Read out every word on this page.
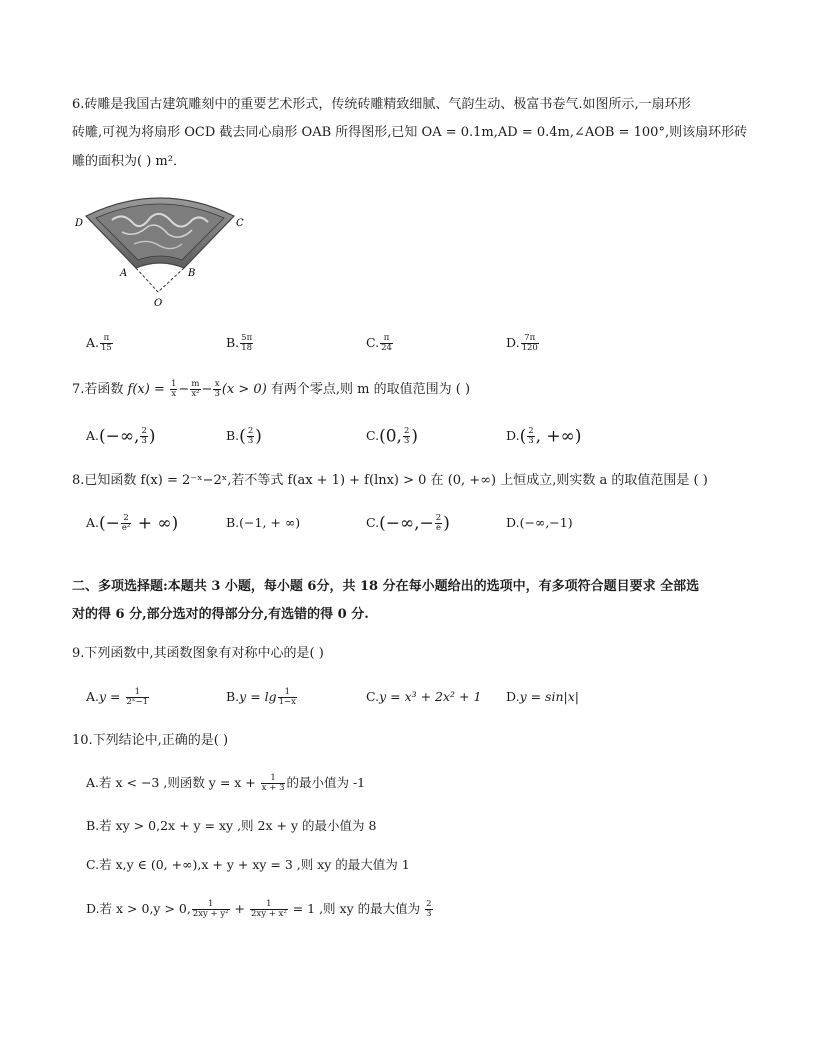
6.砖雕是我国古建筑雕刻中的重要艺术形式，传统砖雕精致细腻、气韵生动、极富书卷气.如图所示,一扇环形
砖雕,可视为将扇形 OCD 截去同心扇形 OAB 所得图形,已知 OA = 0.1m,AD = 0.4m,∠AOB = 100°,则该扇环形砖
雕的面积为( ) m²．
D	C
A	B
O
A. $\frac{\pi}{15}$	B. $\frac{5\pi}{18}$	C. $\frac{\pi}{24}$	D. $\frac{7\pi}{120}$
7.若函数 $f(x) = \frac{1}{x} - \frac{m}{\text{x²}} - \frac{x}{3} (x > 0)$ 有两个零点,则 m 的取值范围为 ( )
A.(−∞, $\frac{2}{3}$ )	$B.( \frac{2}{3}$ )	C.(0, $\frac{2}{3}$ )	$D.( \frac{2}{3}$ , +∞)
8.已知函数 f(x) = 2⁻ˣ−2ˣ,若不等式 f(ax + 1) + f(lnx) > 0 在 (0, +∞) 上恒成立,则实数 a 的取值范围是 ( )
$A.(- \frac{2}{\text{e²}}$ + ∞)	B.(−1, + ∞)	$C.(-\infty,- \frac{2}{e}$ )	D.(−∞,−1)
二、多项选择题:本题共 3 小题，每小题 6分，共 18 分在每小题给出的选项中，有多项符合题目要求 全部选
对的得 6 分,部分选对的得部分分,有选错的得 0 分.
9.下列函数中,其函数图象有对称中心的是( )
$A.y = \frac{1}{\text{2ˣ−1}}$	$B.y = \lg \frac{1}{1-x}$	C.y = x³ + 2x² + 1 D.y = sin|x|
10.下列结论中,正确的是( )
A.若 x < −3 ,则函数 $y = x + \frac{1}{x + 3}$ 的最小值为 -1
B.若 xy > 0,2x + y = xy ,则 2x + y 的最小值为 8
C.若 x,y ∈ (0, +∞),x + y + xy = 3 ,则 xy 的最大值为 1
D.若 x > 0,y > 0, $\frac{1}{\text{2xy + y²}} + \frac{1}{\text{2xy + x²}} = 1$ ,则 xy 的最大值为 $\frac{2}{3}$
